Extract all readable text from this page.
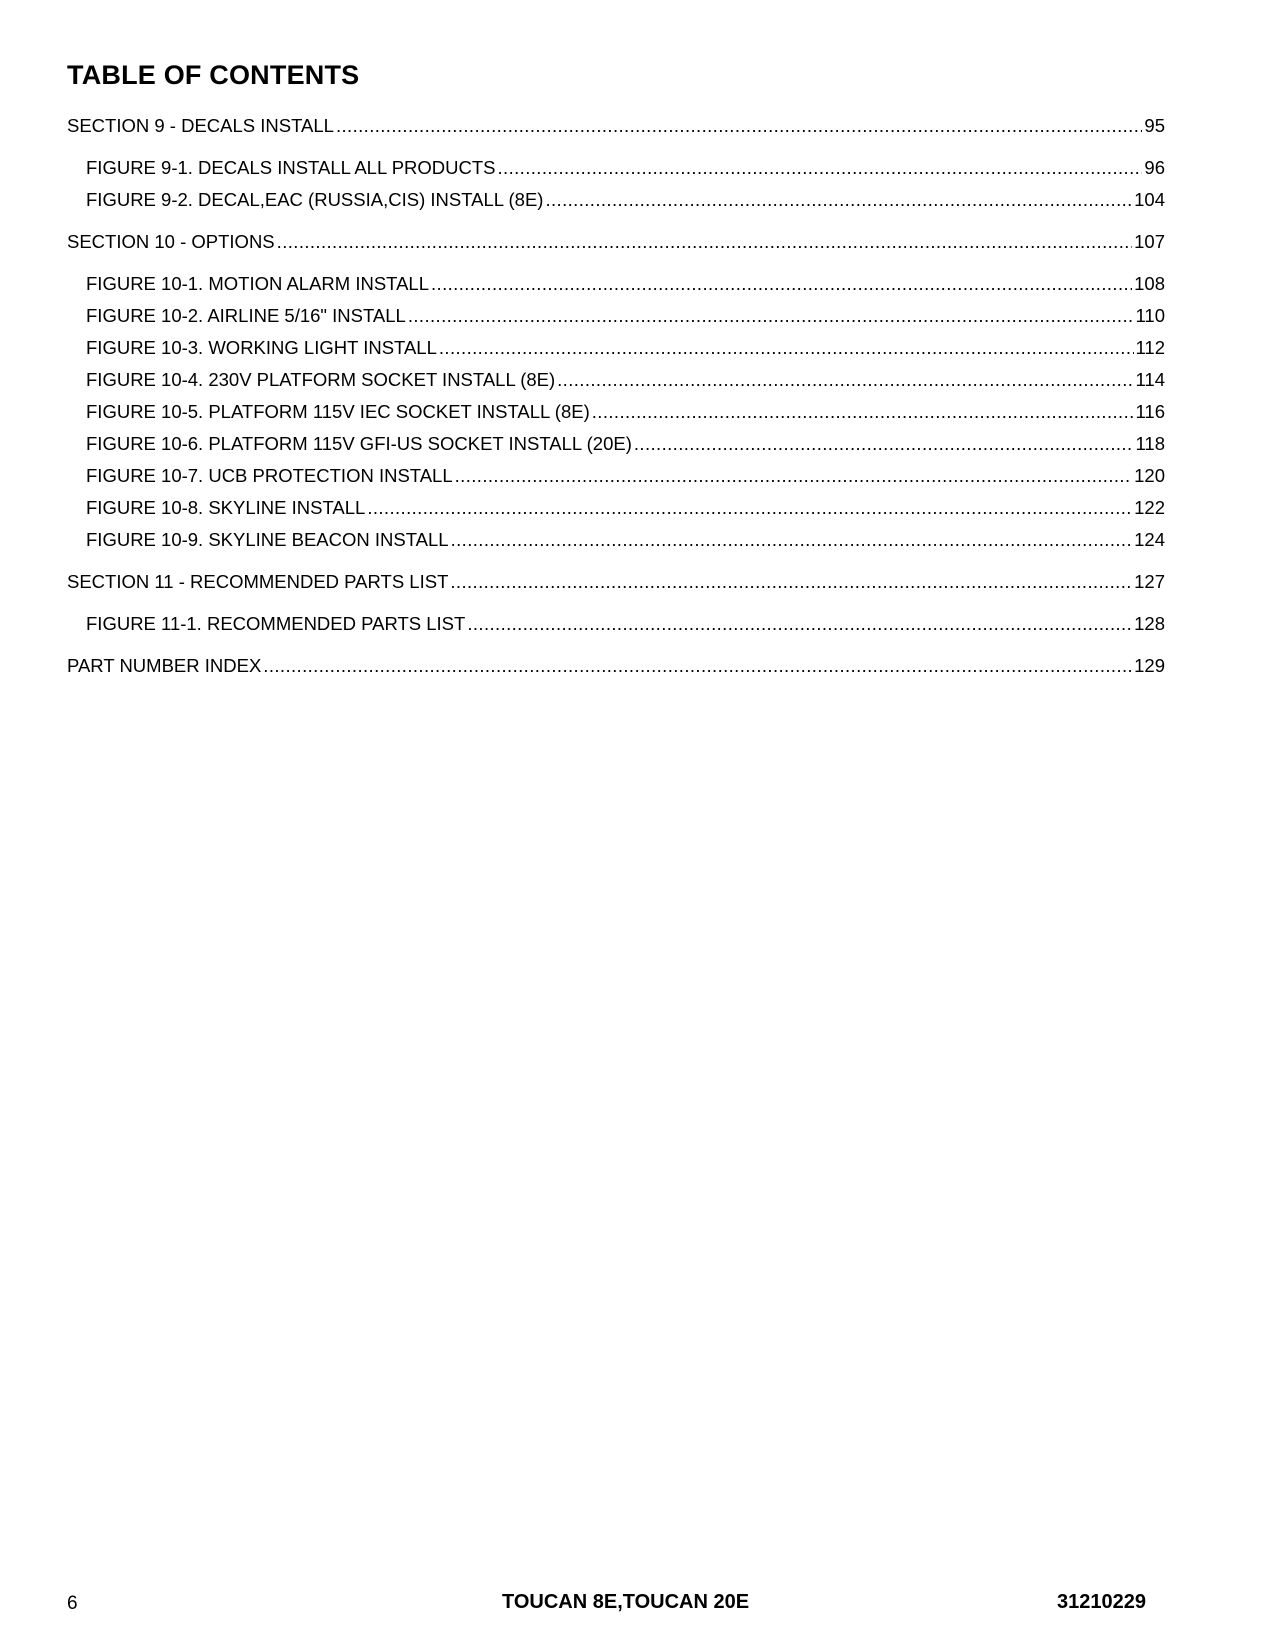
TABLE OF CONTENTS
SECTION 9 - DECALS INSTALL .....	95
FIGURE 9-1. DECALS INSTALL ALL PRODUCTS .....	96
FIGURE 9-2. DECAL,EAC (RUSSIA,CIS) INSTALL (8E) .....	104
SECTION 10 - OPTIONS .....	107
FIGURE 10-1. MOTION ALARM INSTALL .....	108
FIGURE 10-2. AIRLINE 5/16" INSTALL .....	110
FIGURE 10-3. WORKING LIGHT INSTALL .....	112
FIGURE 10-4. 230V PLATFORM SOCKET INSTALL (8E) .....	114
FIGURE 10-5. PLATFORM 115V IEC SOCKET INSTALL (8E) .....	116
FIGURE 10-6. PLATFORM 115V GFI-US SOCKET INSTALL (20E) .....	118
FIGURE 10-7. UCB PROTECTION INSTALL .....	120
FIGURE 10-8. SKYLINE INSTALL .....	122
FIGURE 10-9. SKYLINE BEACON INSTALL .....	124
SECTION 11 - RECOMMENDED PARTS LIST .....	127
FIGURE 11-1. RECOMMENDED PARTS LIST .....	128
PART NUMBER INDEX .....	129
6	TOUCAN 8E,TOUCAN 20E	31210229
